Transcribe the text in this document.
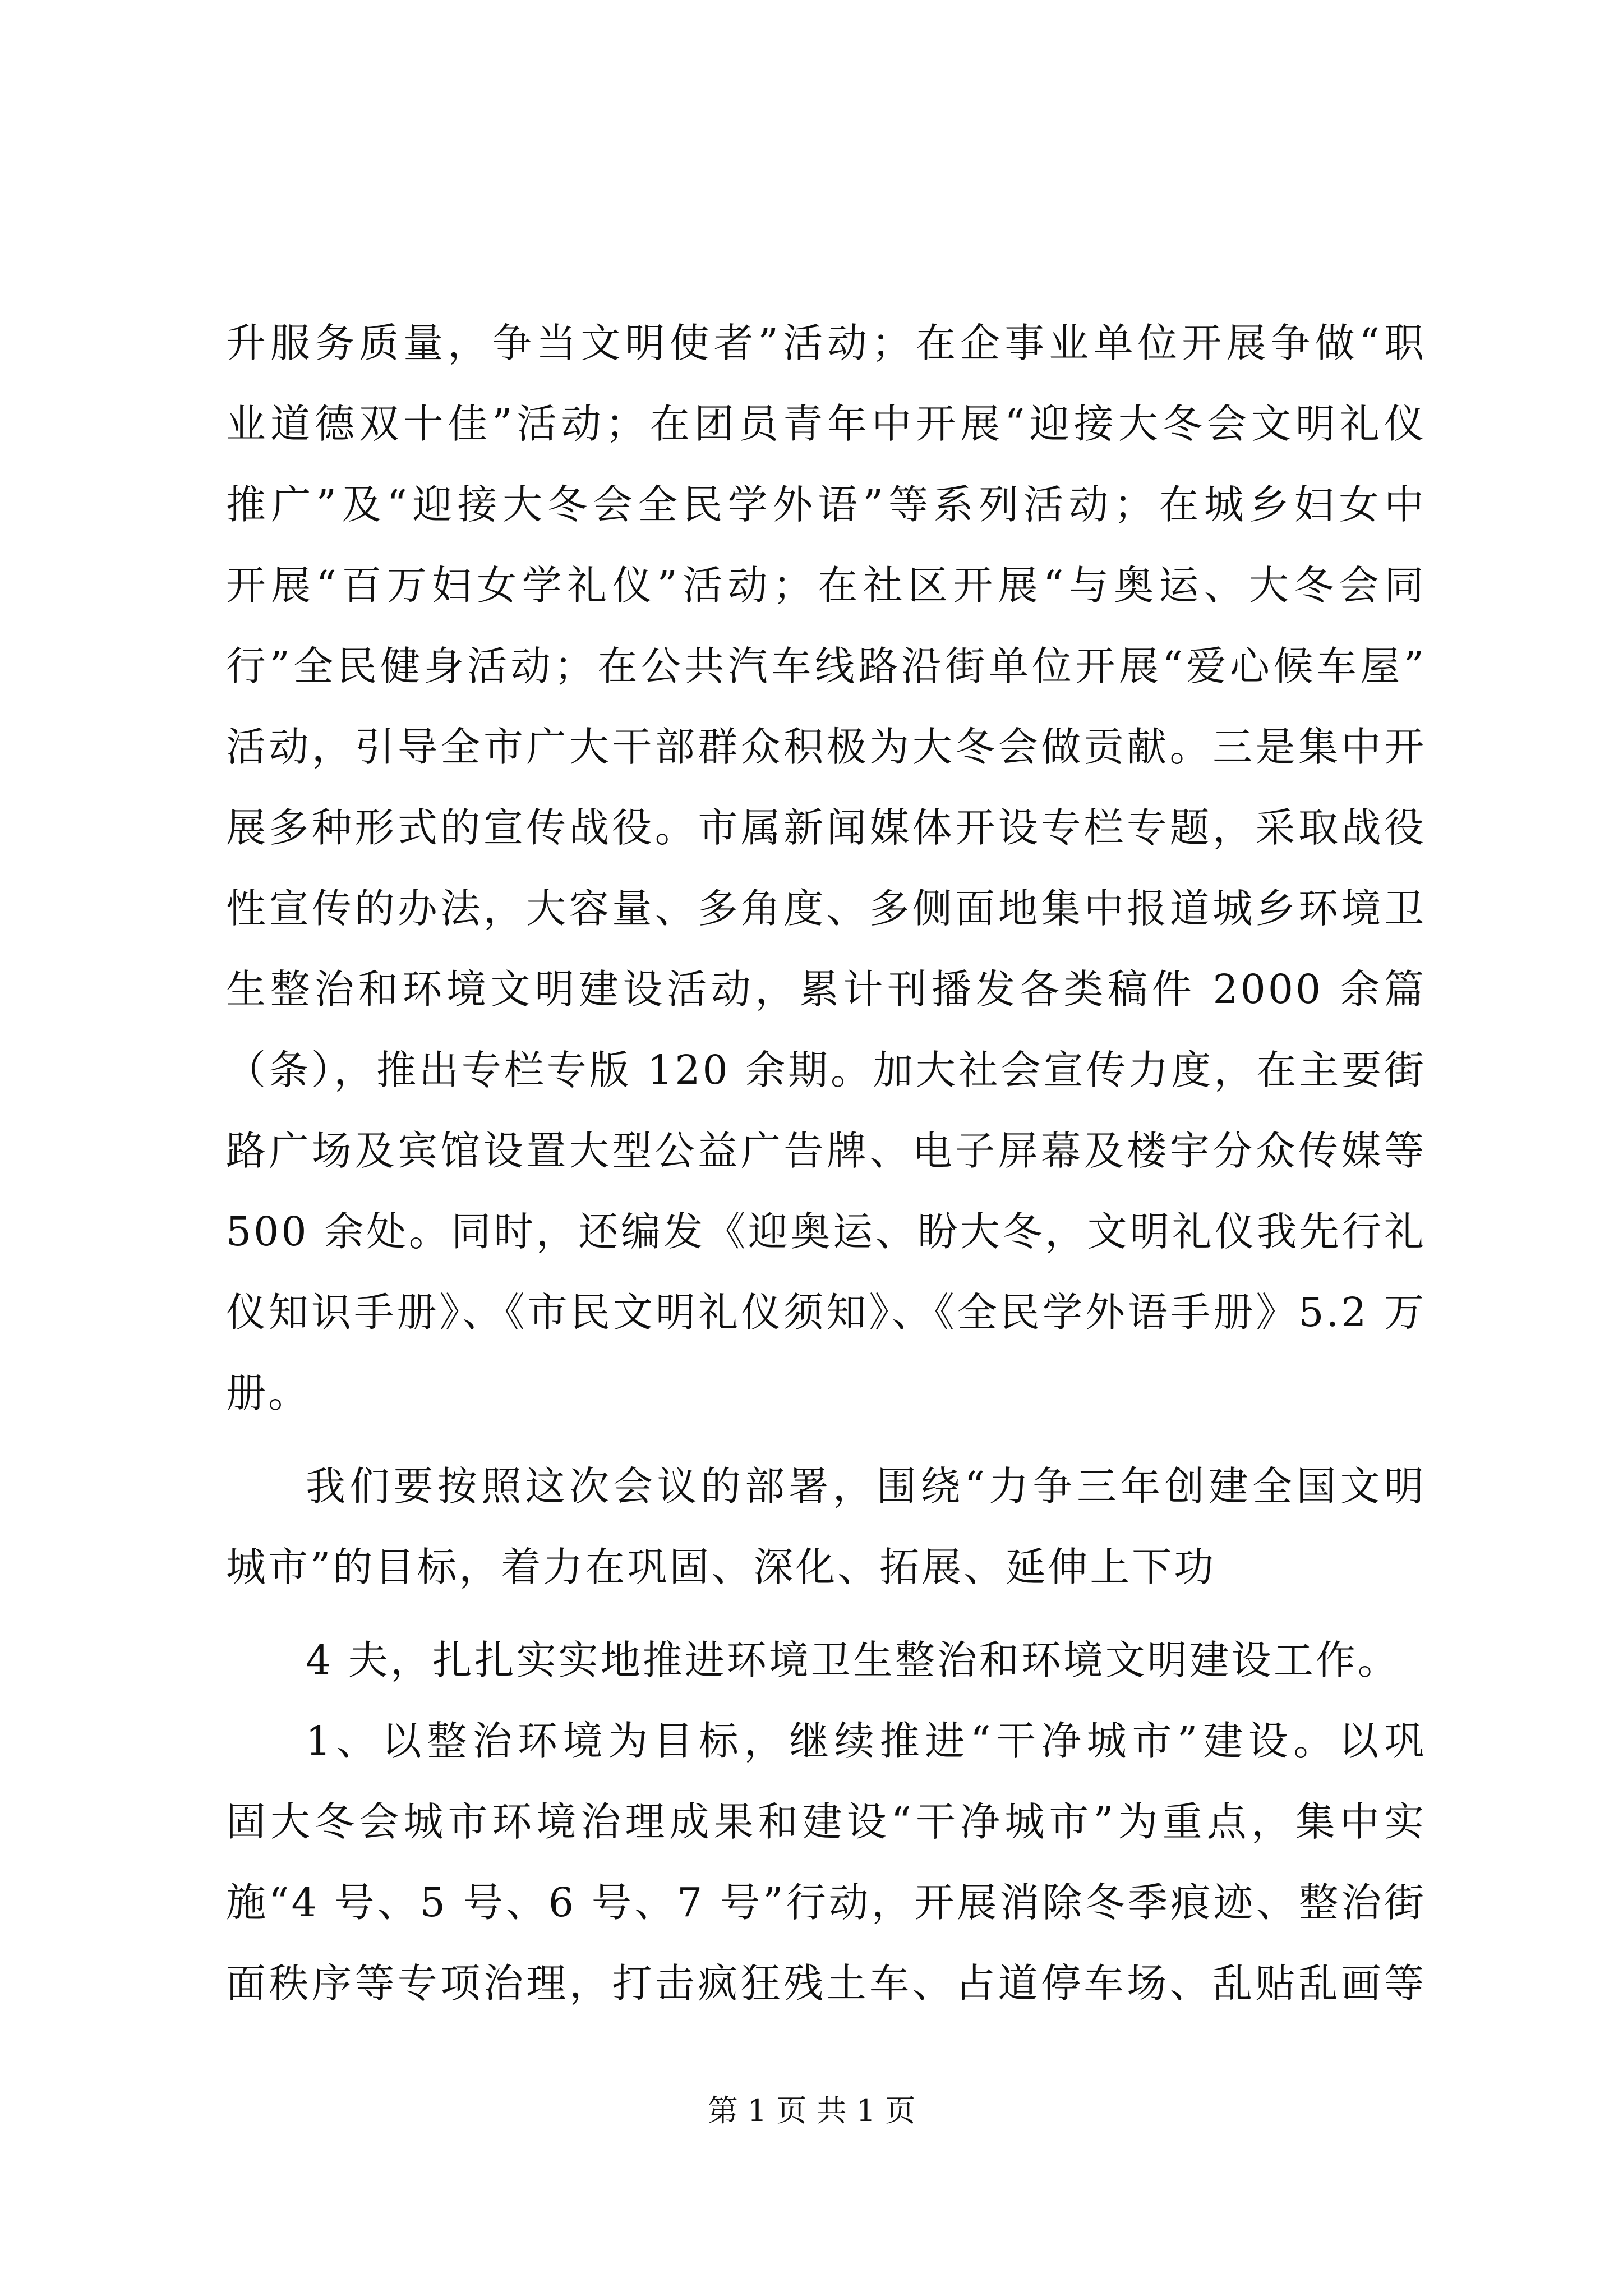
升服务质量，争当文明使者”活动；在企事业单位开展争做“职
业道德双十佳”活动；在团员青年中开展“迎接大冬会文明礼仪
推广”及“迎接大冬会全民学外语”等系列活动；在城乡妇女中
开展“百万妇女学礼仪”活动；在社区开展“与奥运、大冬会同
行”全民健身活动；在公共汽车线路沿街单位开展“爱心候车屋”
活动，引导全市广大干部群众积极为大冬会做贡献。三是集中开
展多种形式的宣传战役。市属新闻媒体开设专栏专题，采取战役
性宣传的办法，大容量、多角度、多侧面地集中报道城乡环境卫
生整治和环境文明建设活动，累计刊播发各类稿件 2000 余篇
（条），推出专栏专版 120 余期。加大社会宣传力度，在主要街
路广场及宾馆设置大型公益广告牌、电子屏幕及楼宇分众传媒等
500 余处。同时，还编发《迎奥运、盼大冬，文明礼仪我先行礼
仪知识手册》、《市民文明礼仪须知》、《全民学外语手册》5.2 万
册。
我们要按照这次会议的部署，围绕“力争三年创建全国文明
城市”的目标，着力在巩固、深化、拓展、延伸上下功
4 夫，扎扎实实地推进环境卫生整治和环境文明建设工作。
1、以整治环境为目标，继续推进“干净城市”建设。以巩
固大冬会城市环境治理成果和建设“干净城市”为重点，集中实
施“4 号、5 号、6 号、7 号”行动，开展消除冬季痕迹、整治街
面秩序等专项治理，打击疯狂残土车、占道停车场、乱贴乱画等
第 1 页 共 1 页
